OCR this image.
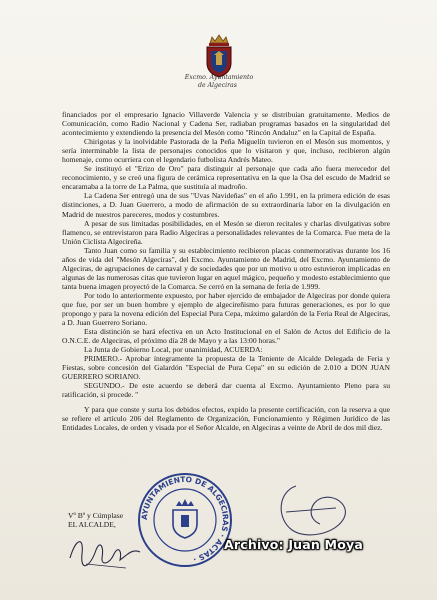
Excmo. Ayuntamiento
de Algeciras

financiados por el empresario Ignacio Villaverde Valencia y se distribuían gratuitamente. Medios de Comunicación, como Radio Nacional y Cadena Ser, radiaban programas basados en la singularidad del acontecimiento y extendiendo la presencia del Mesón como "Rincón Andaluz" en la Capital de España.

Chirigotas y la inolvidable Pastorada de la Peña Miguelín tuvieron en el Mesón sus momentos, y sería interminable la lista de personajes conocidos que lo visitaron y que, incluso, recibieron algún homenaje, como ocurriera con el legendario futbolista Andrés Mateo.

Se instituyó el "Erizo de Oro" para distinguir al personaje que cada año fuera merecedor del reconocimiento, y se creó una figura de cerámica representativa en la que la Osa del escudo de Madrid se encaramaba a la torre de La Palma, que sustituía al madroño.

La Cadena Ser entregó una de sus "Uvas Navideñas" en el año 1.991, en la primera edición de esas distinciones, a D. Juan Guerrero, a modo de afirmación de su extraordinaria labor en la divulgación en Madrid de nuestros pareceres, modos y costumbres.

A pesar de sus limitadas posibilidades, en el Mesón se dieron recitales y charlas divulgativas sobre flamenco, se entrevistaron para Radio Algeciras a personalidades relevantes de la Comarca. Fue meta de la Unión Ciclista Algecireña.

Tanto Juan como su familia y su establecimiento recibieron placas conmemorativas durante los 16 años de vida del "Mesón Algeciras", del Excmo. Ayuntamiento de Madrid, del Excmo. Ayuntamiento de Algeciras, de agrupaciones de carnaval y de sociedades que por un motivo u otro estuvieron implicadas en algunas de las numerosas citas que tuvieron lugar en aquel mágico, pequeño y modesto establecimiento que tanta buena imagen proyectó de la Comarca. Se cerró en la semana de feria de 1.999.

Por todo lo anteriormente expuesto, por haber ejercido de embajador de Algeciras por donde quiera que fue, por ser un buen hombre y ejemplo de algecireñismo para futuras generaciones, es por lo que propongo y para la novena edición del Especial Pura Cepa, máximo galardón de la Feria Real de Algeciras, a D. Juan Guerrero Soriano.

Esta distinción se hará efectiva en un Acto Institucional en el Salón de Actos del Edificio de la O.N.C.E. de Algeciras, el próximo día 28 de Mayo y a las 13:00 horas."

La Junta de Gobierno Local, por unanimidad, ACUERDA:

PRIMERO.- Aprobar íntegramente la propuesta de la Teniente de Alcalde Delegada de Feria y Fiestas, sobre concesión del Galardón "Especial de Pura Cepa" en su edición de 2.010 a DON JUAN GUERRERO SORIANO.

SEGUNDO.- De este acuerdo se deberá dar cuenta al Excmo. Ayuntamiento Pleno para su ratificación, si procede. "

Y para que conste y surta los debidos efectos, expido la presente certificación, con la reserva a que se refiere el artículo 206 del Reglamento de Organización, Funcionamiento y Régimen Jurídico de las Entidades Locales, de orden y visada por el Señor Alcalde, en Algeciras a veinte de Abril de dos mil diez.

Vº Bº y Cúmplase
EL ALCALDE,
AYUNTAMIENTO DE ALGECIRAS · ACTAS ·
Archivo: Juan Moya
